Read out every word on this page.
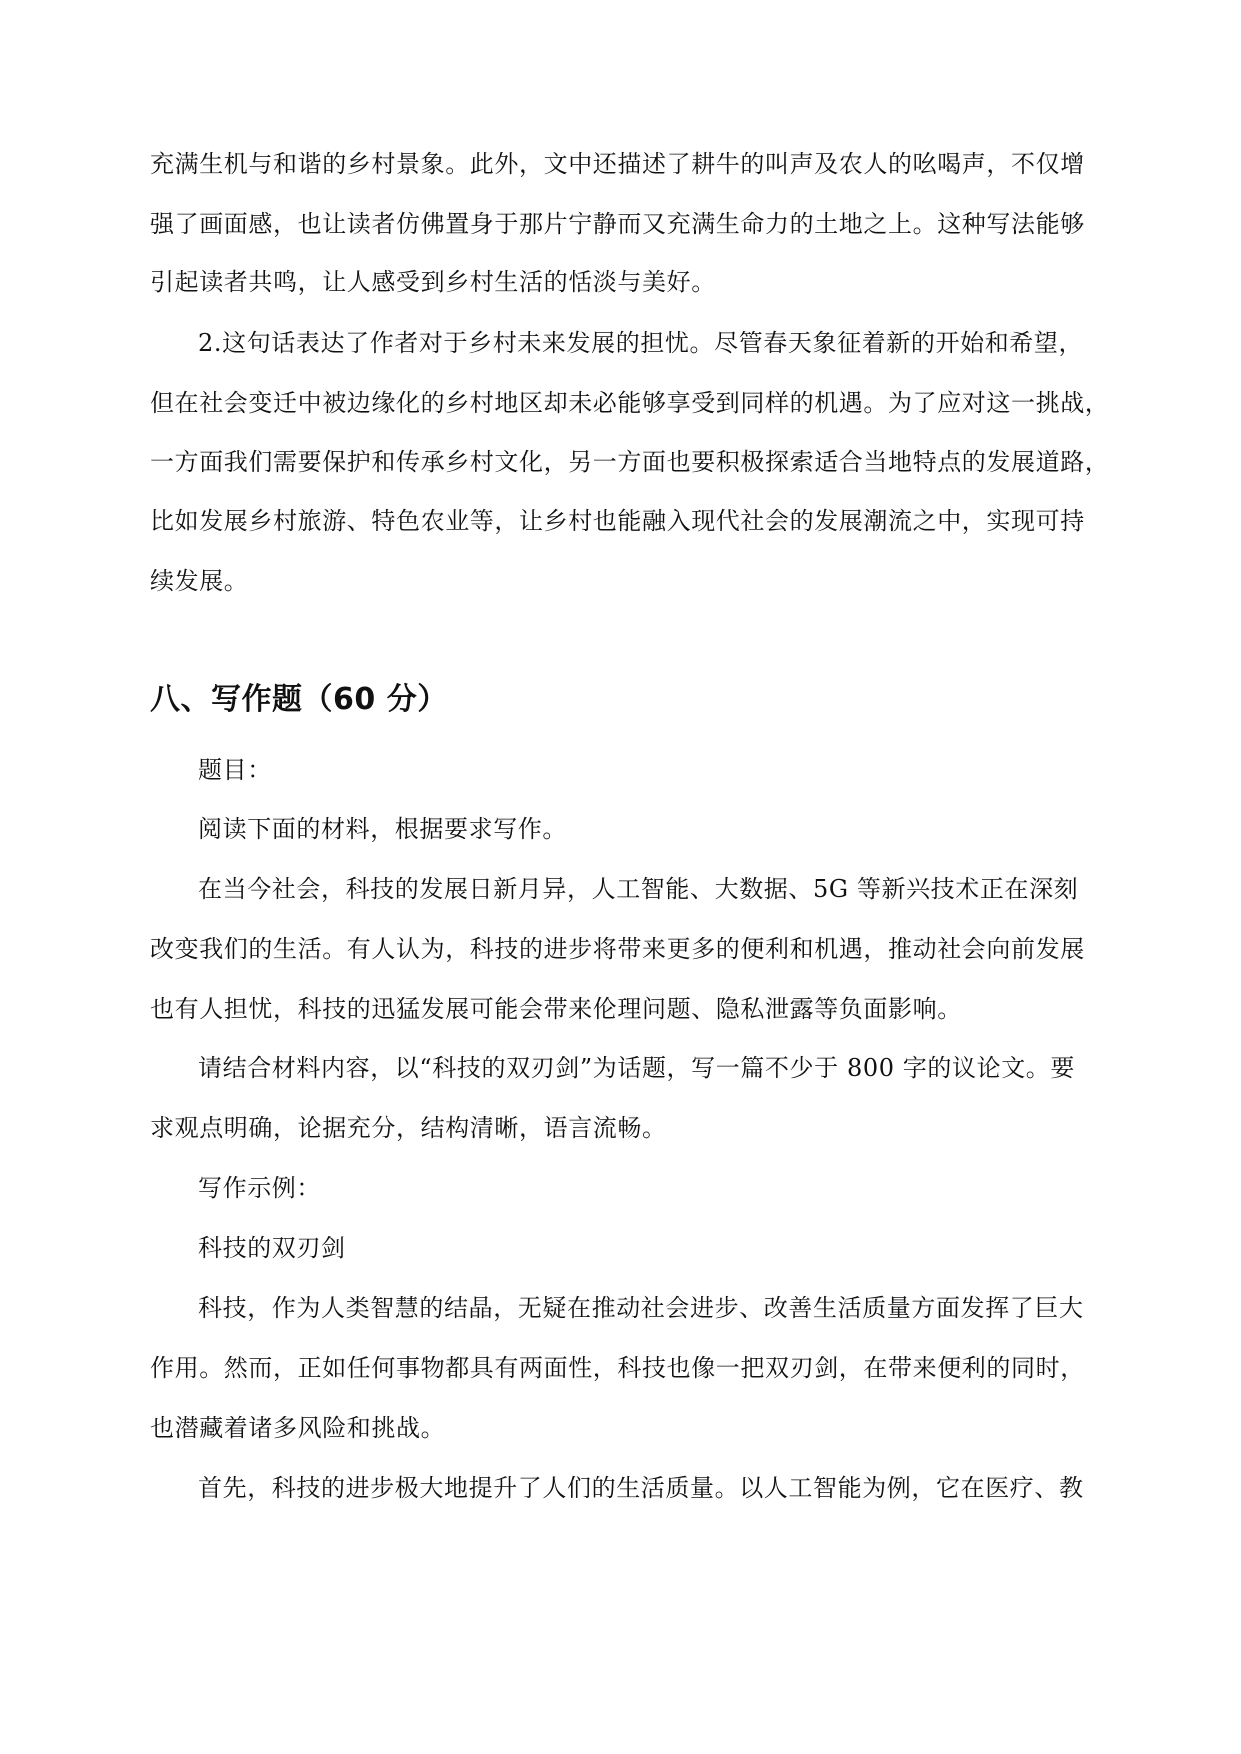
充满生机与和谐的乡村景象。此外，文中还描述了耕牛的叫声及农人的吆喝声，不仅增
强了画面感，也让读者仿佛置身于那片宁静而又充满生命力的土地之上。这种写法能够
引起读者共鸣，让人感受到乡村生活的恬淡与美好。
2.这句话表达了作者对于乡村未来发展的担忧。尽管春天象征着新的开始和希望，
但在社会变迁中被边缘化的乡村地区却未必能够享受到同样的机遇。为了应对这一挑战，
一方面我们需要保护和传承乡村文化，另一方面也要积极探索适合当地特点的发展道路，
比如发展乡村旅游、特色农业等，让乡村也能融入现代社会的发展潮流之中，实现可持
续发展。
八、写作题（60 分）
题目：
阅读下面的材料，根据要求写作。
在当今社会，科技的发展日新月异，人工智能、大数据、5G 等新兴技术正在深刻
改变我们的生活。有人认为，科技的进步将带来更多的便利和机遇，推动社会向前发展
也有人担忧，科技的迅猛发展可能会带来伦理问题、隐私泄露等负面影响。
请结合材料内容，以“科技的双刃剑”为话题，写一篇不少于 800 字的议论文。要
求观点明确，论据充分，结构清晰，语言流畅。
写作示例：
科技的双刃剑
科技，作为人类智慧的结晶，无疑在推动社会进步、改善生活质量方面发挥了巨大
作用。然而，正如任何事物都具有两面性，科技也像一把双刃剑，在带来便利的同时，
也潜藏着诸多风险和挑战。
首先，科技的进步极大地提升了人们的生活质量。以人工智能为例，它在医疗、教
